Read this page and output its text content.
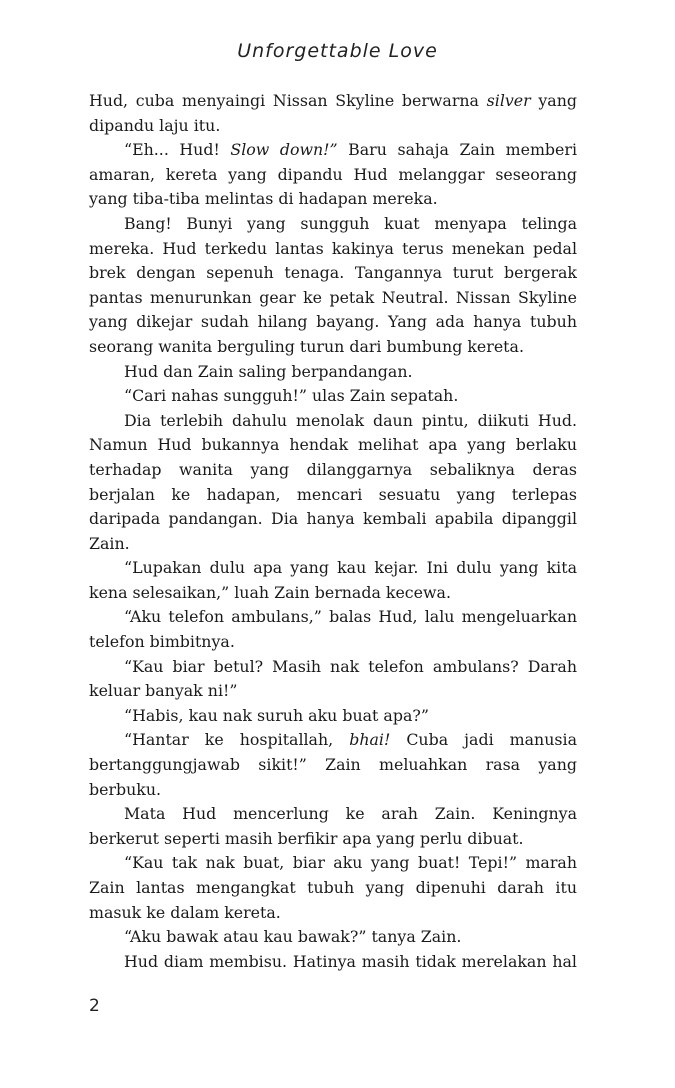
Unforgettable Love

Hud, cuba menyaingi Nissan Skyline berwarna silver yang dipandu laju itu.

“Eh... Hud! Slow down!” Baru sahaja Zain memberi amaran, kereta yang dipandu Hud melanggar seseorang yang tiba-tiba melintas di hadapan mereka.

Bang! Bunyi yang sungguh kuat menyapa telinga mereka. Hud terkedu lantas kakinya terus menekan pedal brek dengan sepenuh tenaga. Tangannya turut bergerak pantas menurunkan gear ke petak Neutral. Nissan Skyline yang dikejar sudah hilang bayang. Yang ada hanya tubuh seorang wanita berguling turun dari bumbung kereta.

Hud dan Zain saling berpandangan.

“Cari nahas sungguh!” ulas Zain sepatah.

Dia terlebih dahulu menolak daun pintu, diikuti Hud. Namun Hud bukannya hendak melihat apa yang berlaku terhadap wanita yang dilanggarnya sebaliknya deras berjalan ke hadapan, mencari sesuatu yang terlepas daripada pandangan. Dia hanya kembali apabila dipanggil Zain.

“Lupakan dulu apa yang kau kejar. Ini dulu yang kita kena selesaikan,” luah Zain bernada kecewa.

“Aku telefon ambulans,” balas Hud, lalu mengeluarkan telefon bimbitnya.

“Kau biar betul? Masih nak telefon ambulans? Darah keluar banyak ni!”

“Habis, kau nak suruh aku buat apa?”

“Hantar ke hospitallah, bhai! Cuba jadi manusia bertanggungjawab sikit!” Zain meluahkan rasa yang berbuku.

Mata Hud mencerlung ke arah Zain. Keningnya berkerut seperti masih berfikir apa yang perlu dibuat.

“Kau tak nak buat, biar aku yang buat! Tepi!” marah Zain lantas mengangkat tubuh yang dipenuhi darah itu masuk ke dalam kereta.

“Aku bawak atau kau bawak?” tanya Zain.

Hud diam membisu. Hatinya masih tidak merelakan hal

2
